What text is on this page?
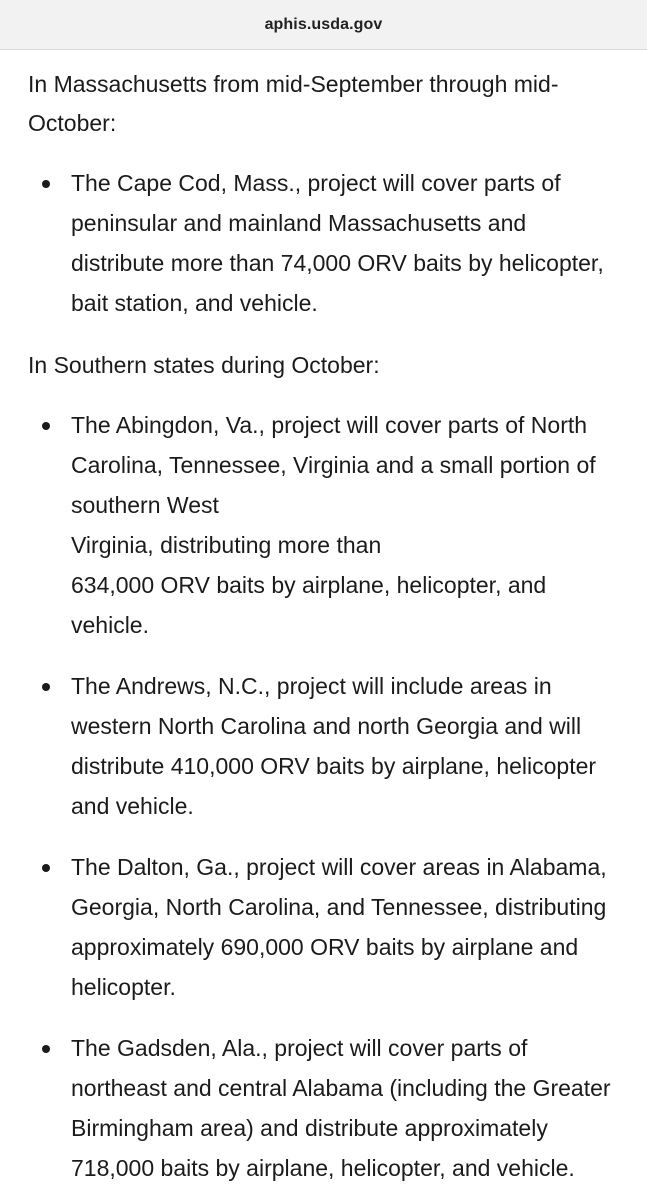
aphis.usda.gov

In Massachusetts from mid-September through mid-October:

The Cape Cod, Mass., project will cover parts of peninsular and mainland Massachusetts and distribute more than 74,000 ORV baits by helicopter, bait station, and vehicle.

In Southern states during October:

The Abingdon, Va., project will cover parts of North Carolina, Tennessee, Virginia and a small portion of southern West
Virginia, distributing more than
634,000 ORV baits by airplane, helicopter, and vehicle.
The Andrews, N.C., project will include areas in western North Carolina and north Georgia and will distribute 410,000 ORV baits by airplane, helicopter and vehicle.
The Dalton, Ga., project will cover areas in Alabama, Georgia, North Carolina, and Tennessee, distributing approximately 690,000 ORV baits by airplane and helicopter.
The Gadsden, Ala., project will cover parts of northeast and central Alabama (including the Greater Birmingham area) and distribute approximately 718,000 baits by airplane, helicopter, and vehicle.
